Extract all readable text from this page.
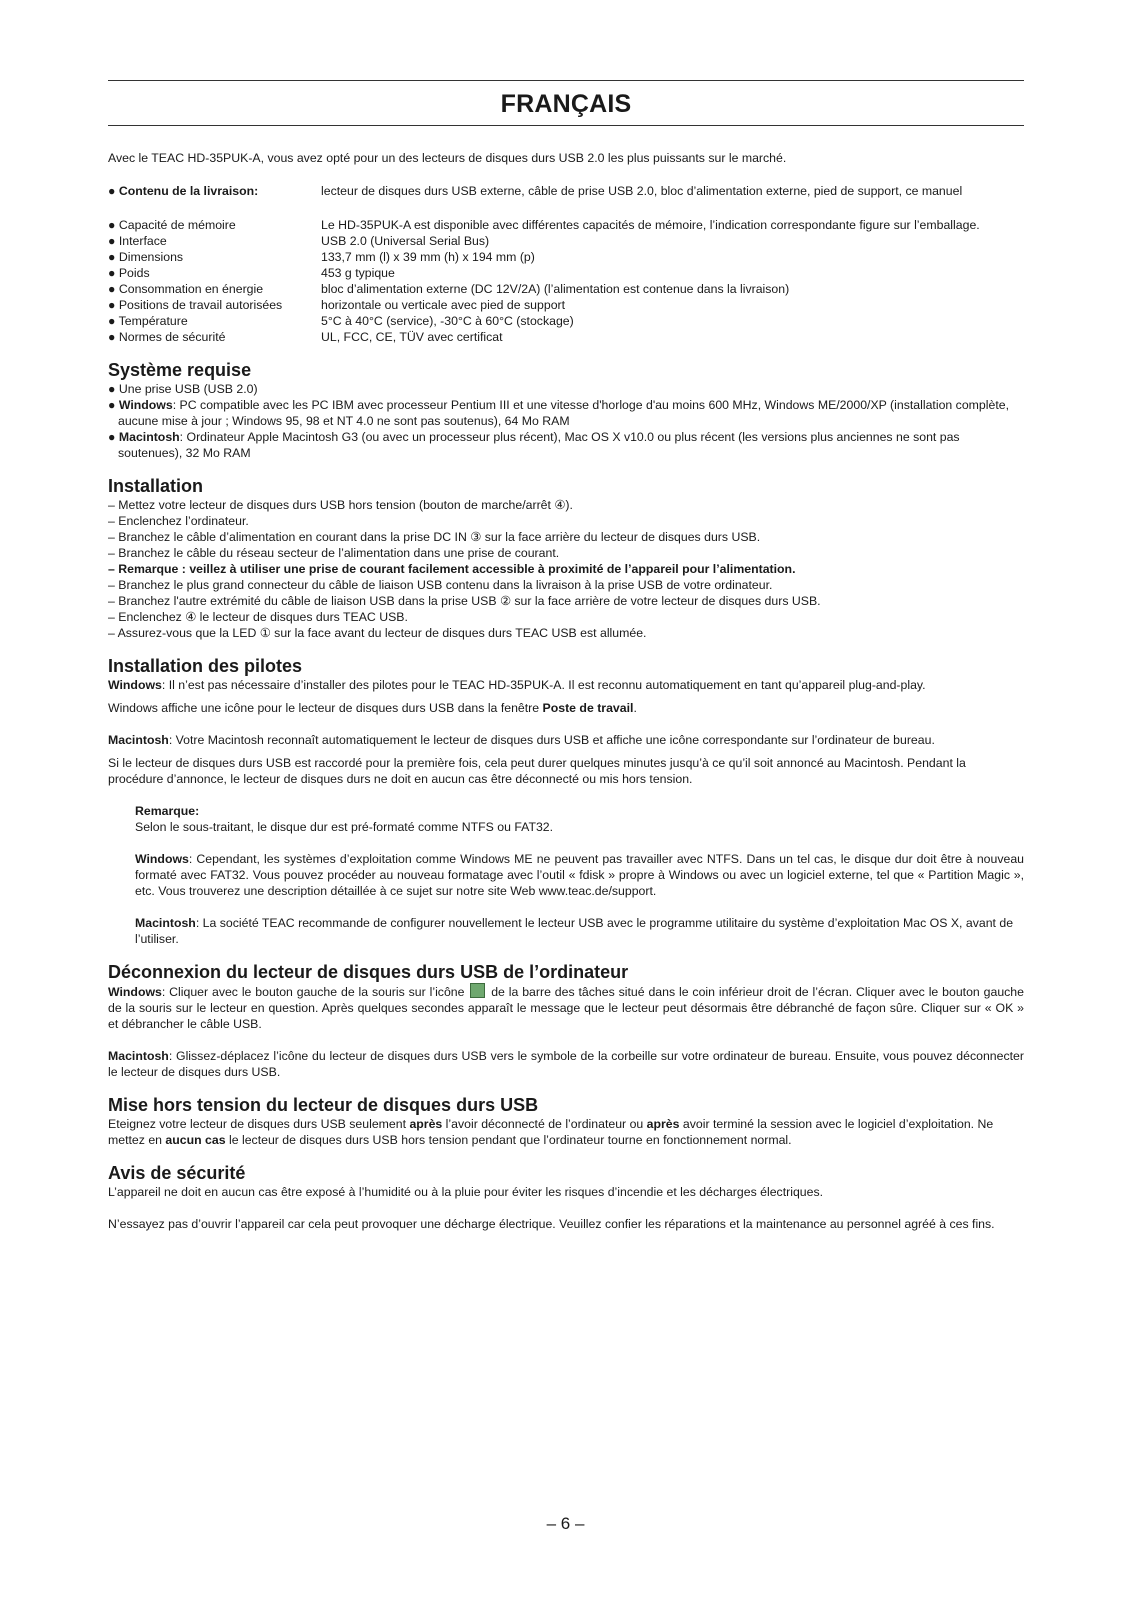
FRANÇAIS

Avec le TEAC HD-35PUK-A, vous avez opté pour un des lecteurs de disques durs USB 2.0 les plus puissants sur le marché.

● Contenu de la livraison:	lecteur de disques durs USB externe, câble de prise USB 2.0, bloc d’alimentation externe, pied de support, ce manuel
● Capacité de mémoire	Le HD-35PUK-A est disponible avec différentes capacités de mémoire, l’indication correspondante figure sur l’emballage.
● Interface	USB 2.0 (Universal Serial Bus)
● Dimensions	133,7 mm (l) x 39 mm (h) x 194 mm (p)
● Poids	453 g typique
● Consommation en énergie	bloc d’alimentation externe (DC 12V/2A) (l’alimentation est contenue dans la livraison)
● Positions de travail autorisées	horizontale ou verticale avec pied de support
● Température	5°C à 40°C (service), -30°C à 60°C (stockage)
● Normes de sécurité	UL, FCC, CE, TÜV avec certificat
Système requise

● Une prise USB (USB 2.0)

● Windows: PC compatible avec les PC IBM avec processeur Pentium III et une vitesse d'horloge d'au moins 600 MHz, Windows ME/2000/XP (installation complète, aucune mise à jour ; Windows 95, 98 et NT 4.0 ne sont pas soutenus), 64 Mo RAM

● Macintosh: Ordinateur Apple Macintosh G3 (ou avec un processeur plus récent), Mac OS X v10.0 ou plus récent (les versions plus anciennes ne sont pas soutenues), 32 Mo RAM

Installation

– Mettez votre lecteur de disques durs USB hors tension (bouton de marche/arrêt ④).

– Enclenchez l’ordinateur.

– Branchez le câble d’alimentation en courant dans la prise DC IN ③ sur la face arrière du lecteur de disques durs USB.

– Branchez le câble du réseau secteur de l’alimentation dans une prise de courant.

– Remarque : veillez à utiliser une prise de courant facilement accessible à proximité de l’appareil pour l’alimentation.

– Branchez le plus grand connecteur du câble de liaison USB contenu dans la livraison à la prise USB de votre ordinateur.

– Branchez l'autre extrémité du câble de liaison USB dans la prise USB ② sur la face arrière de votre lecteur de disques durs USB.

– Enclenchez ④ le lecteur de disques durs TEAC USB.

– Assurez-vous que la LED ① sur la face avant du lecteur de disques durs TEAC USB est allumée.

Installation des pilotes

Windows: Il n’est pas nécessaire d’installer des pilotes pour le TEAC HD-35PUK-A. Il est reconnu automatiquement en tant qu’appareil plug-and-play.

Windows affiche une icône pour le lecteur de disques durs USB dans la fenêtre Poste de travail.

Macintosh: Votre Macintosh reconnaît automatiquement le lecteur de disques durs USB et affiche une icône correspondante sur l’ordinateur de bureau.

Si le lecteur de disques durs USB est raccordé pour la première fois, cela peut durer quelques minutes jusqu’à ce qu’il soit annoncé au Macintosh. Pendant la procédure d’annonce, le lecteur de disques durs ne doit en aucun cas être déconnecté ou mis hors tension.

Remarque:

Selon le sous-traitant, le disque dur est pré-formaté comme NTFS ou FAT32.

Windows: Cependant, les systèmes d’exploitation comme Windows ME ne peuvent pas travailler avec NTFS. Dans un tel cas, le disque dur doit être à nouveau formaté avec FAT32. Vous pouvez procéder au nouveau formatage avec l’outil « fdisk » propre à Windows ou avec un logiciel externe, tel que « Partition Magic », etc. Vous trouverez une description détaillée à ce sujet sur notre site Web www.teac.de/support.

Macintosh: La société TEAC recommande de configurer nouvellement le lecteur USB avec le programme utilitaire du système d’exploitation Mac OS X, avant de l’utiliser.

Déconnexion du lecteur de disques durs USB de l’ordinateur

Windows: Cliquer avec le bouton gauche de la souris sur l’icône de la barre des tâches situé dans le coin inférieur droit de l’écran. Cliquer avec le bouton gauche de la souris sur le lecteur en question. Après quelques secondes apparaît le message que le lecteur peut désormais être débranché de façon sûre. Cliquer sur « OK » et débrancher le câble USB.

Macintosh: Glissez-déplacez l’icône du lecteur de disques durs USB vers le symbole de la corbeille sur votre ordinateur de bureau. Ensuite, vous pouvez déconnecter le lecteur de disques durs USB.

Mise hors tension du lecteur de disques durs USB

Eteignez votre lecteur de disques durs USB seulement après l’avoir déconnecté de l’ordinateur ou après avoir terminé la session avec le logiciel d’exploitation. Ne mettez en aucun cas le lecteur de disques durs USB hors tension pendant que l’ordinateur tourne en fonctionnement normal.

Avis de sécurité

L’appareil ne doit en aucun cas être exposé à l’humidité ou à la pluie pour éviter les risques d’incendie et les décharges électriques.

N’essayez pas d’ouvrir l’appareil car cela peut provoquer une décharge électrique. Veuillez confier les réparations et la maintenance au personnel agréé à ces fins.

– 6 –
